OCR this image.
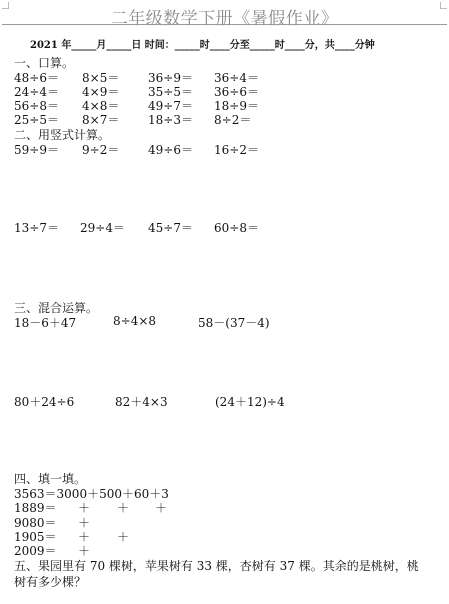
二年级数学下册《暑假作业》
2021 年_____月_____日 时间：_____时____分至_____时____分，共____分钟
一、口算。
48÷6＝ 8×5＝ 36÷9＝ 36÷4＝
24÷4＝ 4×9＝ 35÷5＝ 36÷6＝
56÷8＝ 4×8＝ 49÷7＝ 18÷9＝
25÷5＝ 8×7＝ 18÷3＝ 8÷2＝
二、用竖式计算。
59÷9＝ 9÷2＝ 49÷6＝ 16÷2＝
13÷7＝ 29÷4＝ 45÷7＝ 60÷8＝
三、混合运算。
18－6＋47	8÷4×8	58－(37－4)
80＋24÷6	82＋4×3	(24＋12)÷4
四、填一填。
3563＝3000＋500＋60＋3
1889＝ ＋ ＋ ＋
9080＝ ＋
1905＝ ＋ ＋
2009＝ ＋
五、果园里有 70 棵树，苹果树有 33 棵，杏树有 37 棵。其余的是桃树，桃
树有多少棵？
